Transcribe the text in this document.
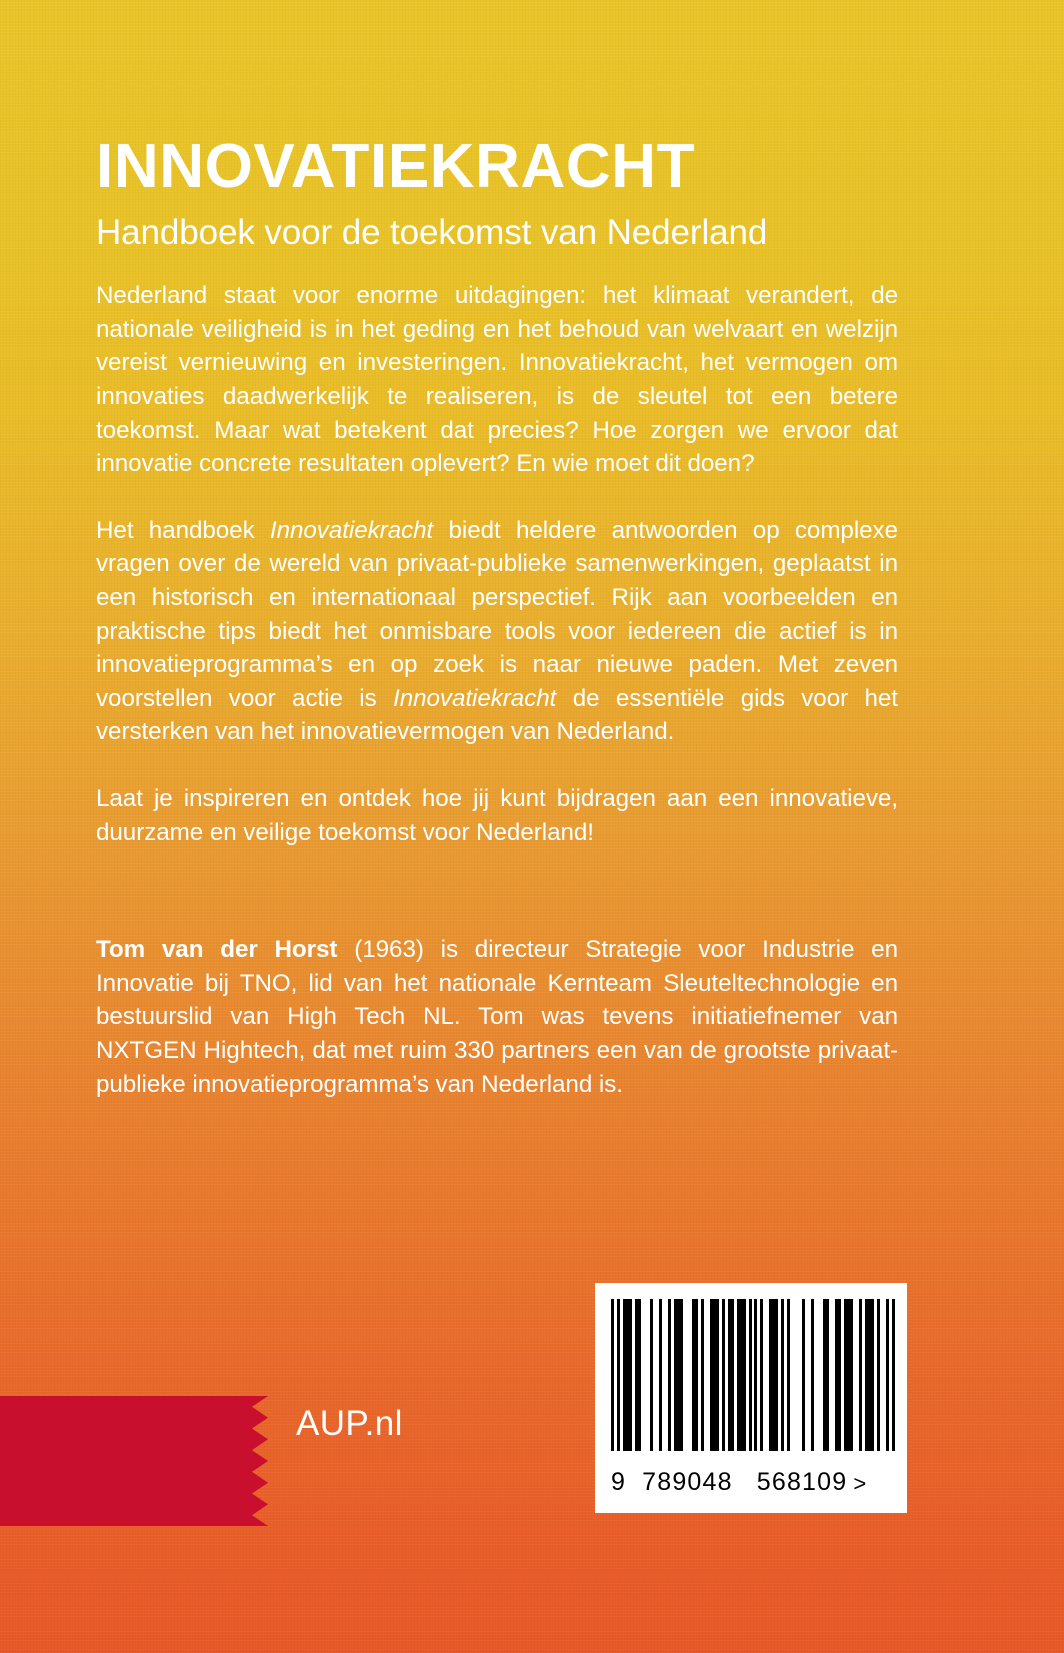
INNOVATIEKRACHT
Handboek voor de toekomst van Nederland

Nederland staat voor enorme uitdagingen: het klimaat verandert, de nationale veiligheid is in het geding en het behoud van welvaart en welzijn vereist vernieuwing en investeringen. Innovatiekracht, het vermogen om innovaties daadwerkelijk te realiseren, is de sleutel tot een betere toekomst. Maar wat betekent dat precies? Hoe zorgen we ervoor dat innovatie concrete resultaten oplevert? En wie moet dit doen?

Het handboek Innovatiekracht biedt heldere antwoorden op complexe vragen over de wereld van privaat-publieke samenwerkingen, geplaatst in een historisch en internationaal perspectief. Rijk aan voorbeelden en praktische tips biedt het onmisbare tools voor iedereen die actief is in innovatieprogramma’s en op zoek is naar nieuwe paden. Met zeven voorstellen voor actie is Innovatiekracht de essentiële gids voor het versterken van het innovatievermogen van Nederland.

Laat je inspireren en ontdek hoe jij kunt bijdragen aan een innovatieve, duurzame en veilige toekomst voor Nederland!

Tom van der Horst (1963) is directeur Strategie voor Industrie en Innovatie bij TNO, lid van het nationale Kernteam Sleuteltechnologie en bestuurslid van High Tech NL. Tom was tevens initiatiefnemer van NXTGEN Hightech, dat met ruim 330 partners een van de grootste privaat-publieke innovatieprogramma’s van Nederland is.

AUP.nl
9 789048 568109 >
